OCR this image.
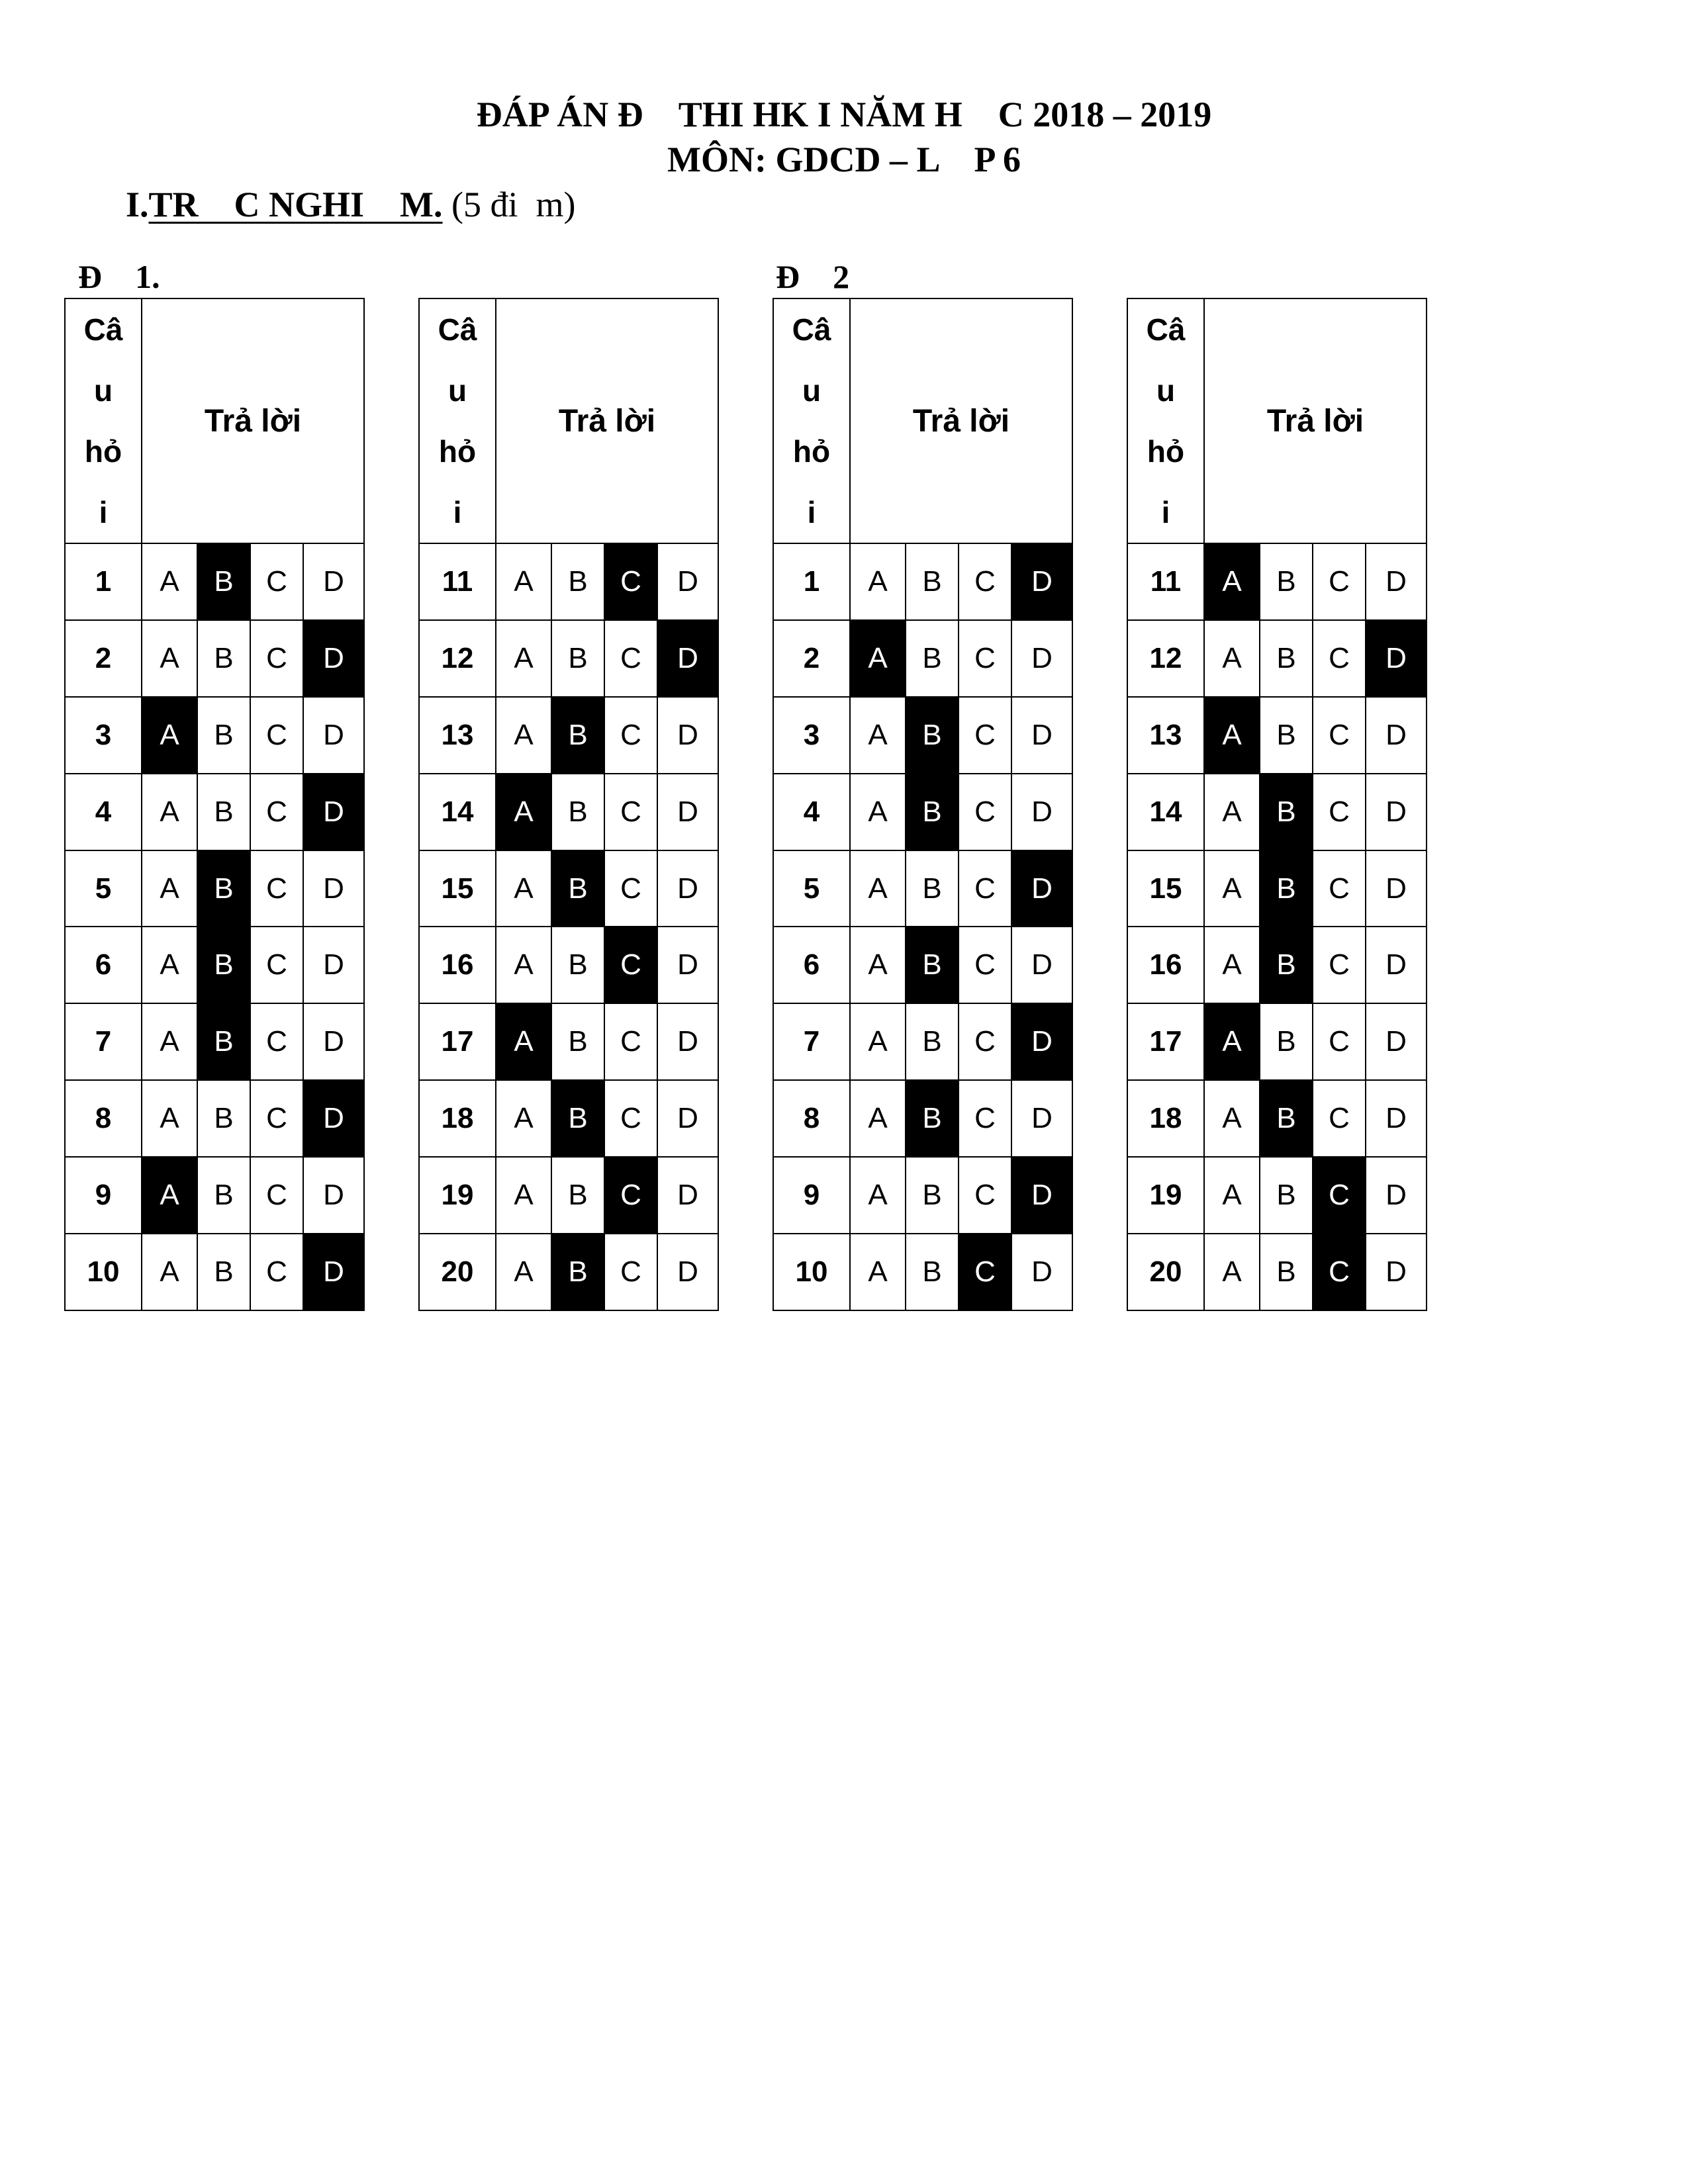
ĐÁP ÁN Đ    THI HK I NĂM H    C 2018 – 2019
MÔN: GDCD – L    P 6
I.TR    C NGHI    M. (5 đi  m)
Đ    1.	Đ    2
Câ
u
hỏ
i	Trả lời			
1	A	B	C	D
2	A	B	C	D
3	A	B	C	D
4	A	B	C	D
5	A	B	C	D
6	A	B	C	D
7	A	B	C	D
8	A	B	C	D
9	A	B	C	D
10	A	B	C	D
Câ
u
hỏ
i	Trả lời			
11	A	B	C	D
12	A	B	C	D
13	A	B	C	D
14	A	B	C	D
15	A	B	C	D
16	A	B	C	D
17	A	B	C	D
18	A	B	C	D
19	A	B	C	D
20	A	B	C	D
Câ
u
hỏ
i	Trả lời			
1	A	B	C	D
2	A	B	C	D
3	A	B	C	D
4	A	B	C	D
5	A	B	C	D
6	A	B	C	D
7	A	B	C	D
8	A	B	C	D
9	A	B	C	D
10	A	B	C	D
Câ
u
hỏ
i	Trả lời			
11	A	B	C	D
12	A	B	C	D
13	A	B	C	D
14	A	B	C	D
15	A	B	C	D
16	A	B	C	D
17	A	B	C	D
18	A	B	C	D
19	A	B	C	D
20	A	B	C	D
